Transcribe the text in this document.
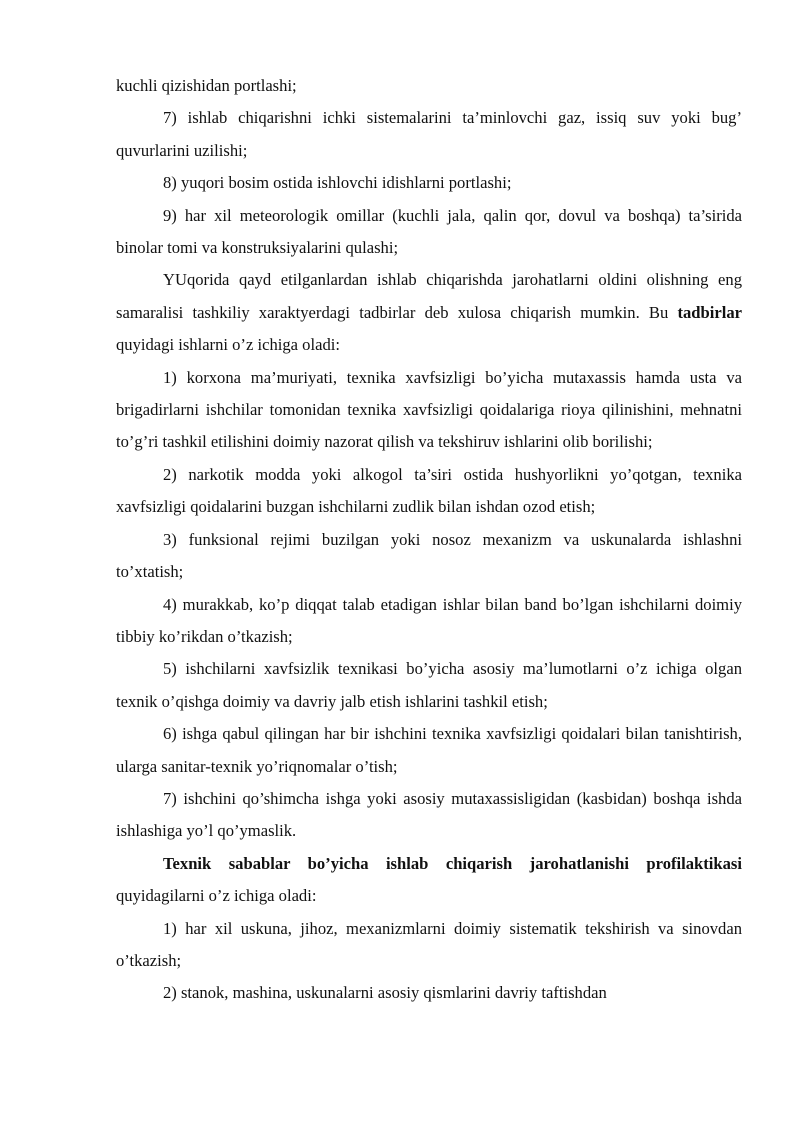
kuchli qizishidan portlashi;

7) ishlab chiqarishni ichki sistemalarini ta’minlovchi gaz, issiq suv yoki bug’ quvurlarini uzilishi;

8) yuqori bosim ostida ishlovchi idishlarni portlashi;

9) har xil meteorologik omillar (kuchli jala, qalin qor, dovul va boshqa) ta’sirida binolar tomi va konstruksiyalarini qulashi;

YUqorida qayd etilganlardan ishlab chiqarishda jarohatlarni oldini olishning eng samaralisi tashkiliy xaraktyerdagi tadbirlar deb xulosa chiqarish mumkin. Bu tadbirlar quyidagi ishlarni o’z ichiga oladi:

1) korxona ma’muriyati, texnika xavfsizligi bo’yicha mutaxassis hamda usta va brigadirlarni ishchilar tomonidan texnika xavfsizligi qoidalariga rioya qilinishini, mehnatni to’g’ri tashkil etilishini doimiy nazorat qilish va tekshiruv ishlarini olib borilishi;

2) narkotik modda yoki alkogol ta’siri ostida hushyorlikni yo’qotgan, texnika xavfsizligi qoidalarini buzgan ishchilarni zudlik bilan ishdan ozod etish;

3) funksional rejimi buzilgan yoki nosoz mexanizm va uskunalarda ishlashni to’xtatish;

4) murakkab, ko’p diqqat talab etadigan ishlar bilan band bo’lgan ishchilarni doimiy tibbiy ko’rikdan o’tkazish;

5) ishchilarni xavfsizlik texnikasi bo’yicha asosiy ma’lumotlarni o’z ichiga olgan texnik o’qishga doimiy va davriy jalb etish ishlarini tashkil etish;

6) ishga qabul qilingan har bir ishchini texnika xavfsizligi qoidalari bilan tanishtirish, ularga sanitar-texnik yo’riqnomalar o’tish;

7) ishchini qo’shimcha ishga yoki asosiy mutaxassisligidan (kasbidan) boshqa ishda ishlashiga yo’l qo’ymaslik.

Texnik sabablar bo’yicha ishlab chiqarish jarohatlanishi profilaktikasi quyidagilarni o’z ichiga oladi:

1) har xil uskuna, jihoz, mexanizmlarni doimiy sistematik tekshirish va sinovdan o’tkazish;

2) stanok, mashina, uskunalarni asosiy qismlarini davriy taftishdan
